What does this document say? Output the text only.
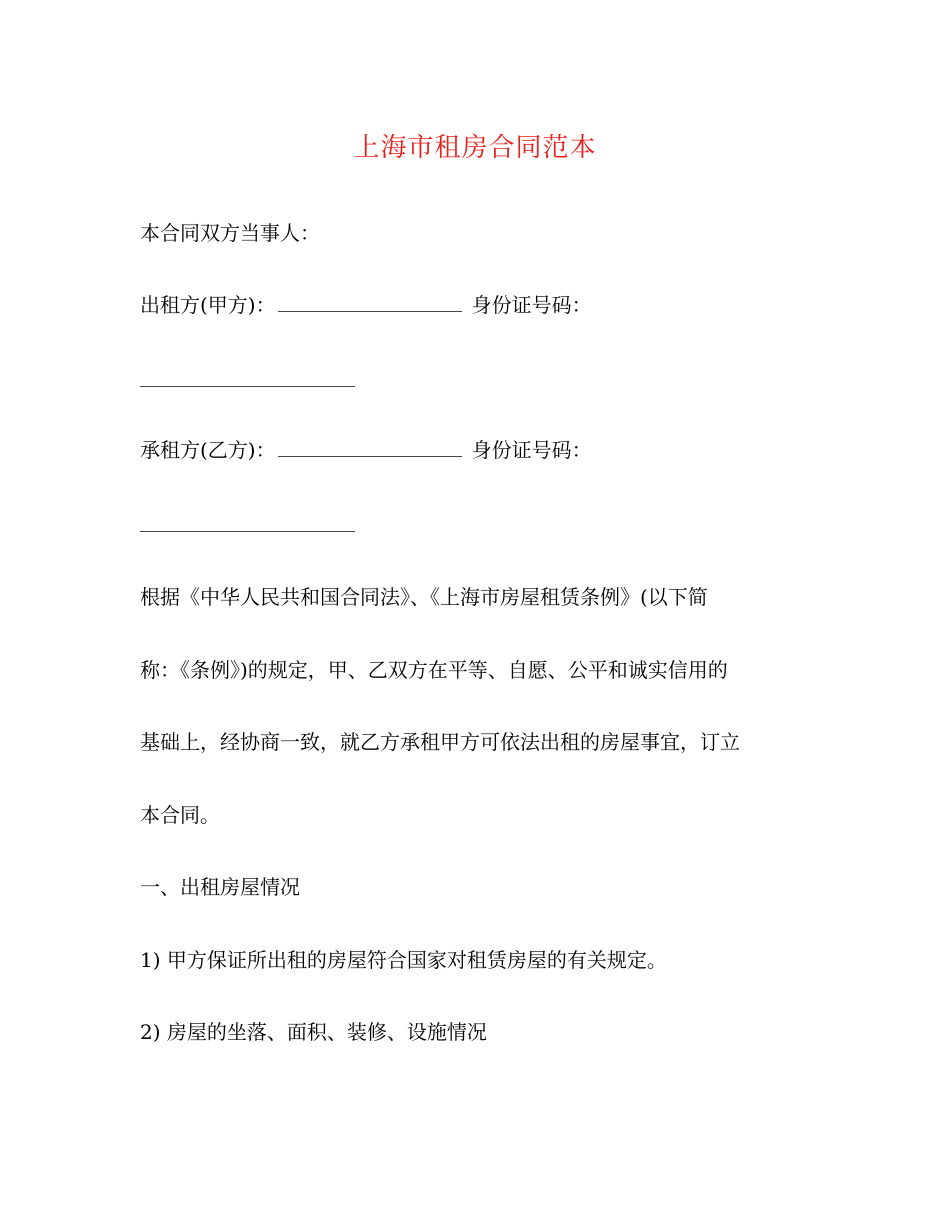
上海市租房合同范本
本合同双方当事人：
出租方(甲方)：	身份证号码：
承租方(乙方)：	身份证号码：
根据《中华人民共和国合同法》、《上海市房屋租赁条例》(以下简
称：《条例》)的规定，甲、乙双方在平等、自愿、公平和诚实信用的
基础上，经协商一致，就乙方承租甲方可依法出租的房屋事宜，订立
本合同。
一、出租房屋情况
1) 甲方保证所出租的房屋符合国家对租赁房屋的有关规定。
2) 房屋的坐落、面积、装修、设施情况
